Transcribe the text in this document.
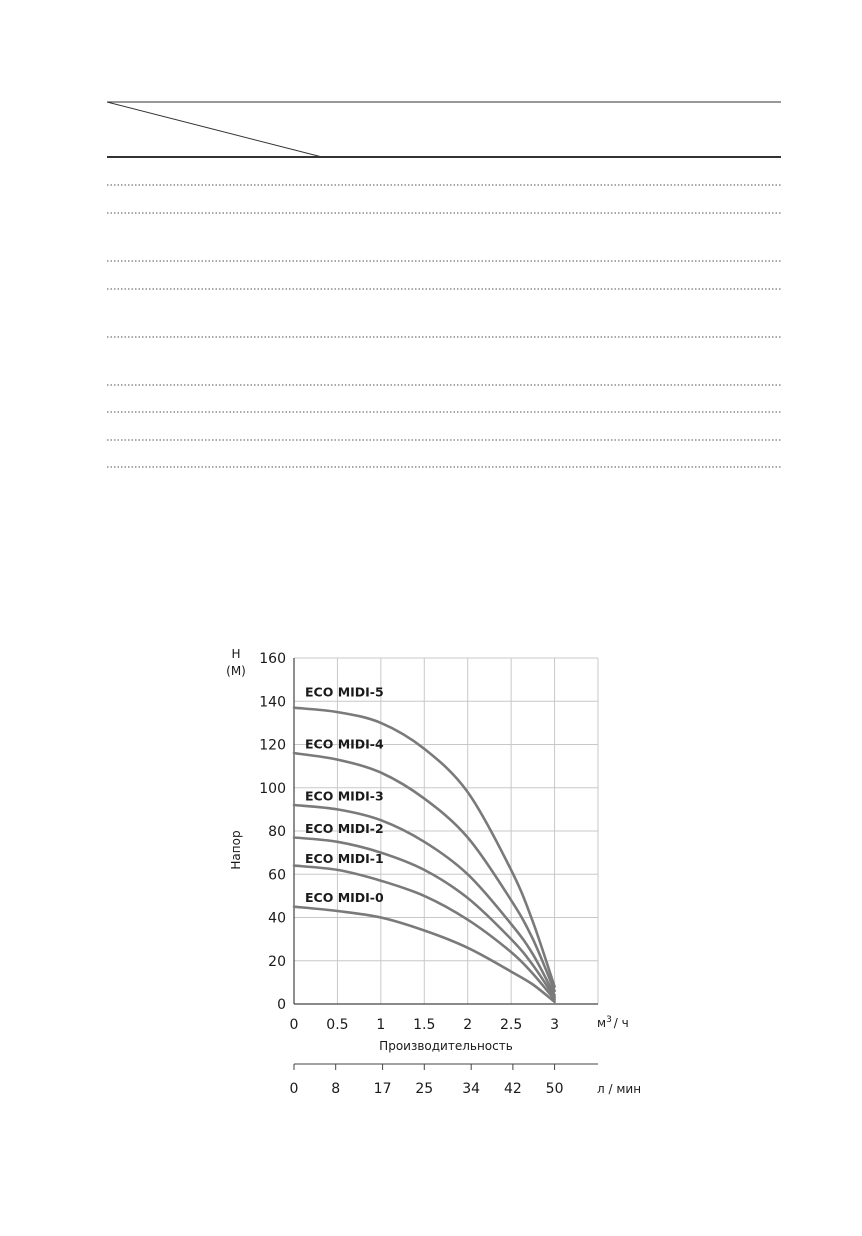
ECO MIDI-5
ECO MIDI-4
ECO MIDI-3
ECO MIDI-2
ECO MIDI-1
ECO MIDI-0
0
20
40
60
80
100
120
140
160
0 0.5 1 1.5 2 2.5 3
0 8 17 25 34 42 50
Н
(М)
Напор
$м^3$ / ч
Производительность
л / мин
